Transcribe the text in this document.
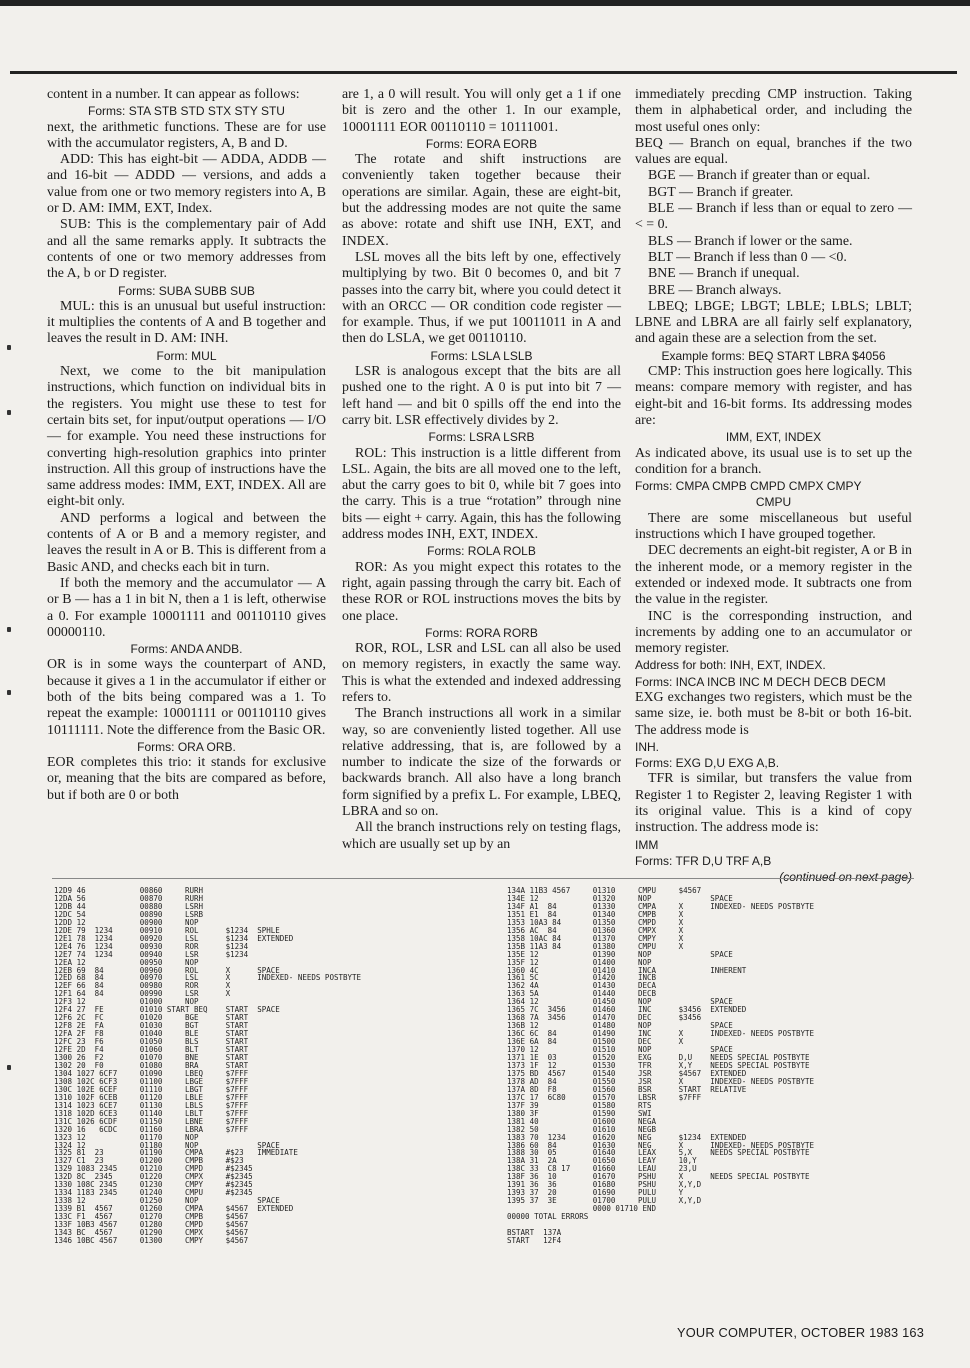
content in a number. It can appear as follows:

Forms: STA STB STD STX STY STU

next, the arithmetic functions. These are for use with the accumulator registers, A, B and D.

ADD: This has eight-bit — ADDA, ADDB — and 16-bit — ADDD — versions, and adds a value from one or two memory registers into A, B or D. AM: IMM, EXT, Index.

SUB: This is the complementary pair of Add and all the same remarks apply. It subtracts the contents of one or two memory addresses from the A, b or D register.

Forms: SUBA SUBB SUB

MUL: this is an unusual but useful instruction: it multiplies the contents of A and B together and leaves the result in D. AM: INH.

Form: MUL

Next, we come to the bit manipulation instructions, which function on individual bits in the registers. You might use these to test for certain bits set, for input/output operations — I/O — for example. You need these instructions for converting high-resolution graphics into printer instruction. All this group of instructions have the same address modes: IMM, EXT, INDEX. All are eight-bit only.

AND performs a logical and between the contents of A or B and a memory register, and leaves the result in A or B. This is different from a Basic AND, and checks each bit in turn.

If both the memory and the accumulator — A or B — has a 1 in bit N, then a 1 is left, otherwise a 0. For example 10001111 and 00110110 gives 00000110.

Forms: ANDA ANDB.

OR is in some ways the counterpart of AND, because it gives a 1 in the accumulator if either or both of the bits being compared was a 1. To repeat the example: 10001111 or 00110110 gives 10111111. Note the difference from the Basic OR.

Forms: ORA ORB.

EOR completes this trio: it stands for exclusive or, meaning that the bits are compared as before, but if both are 0 or both

are 1, a 0 will result. You will only get a 1 if one bit is zero and the other 1. In our example, 10001111 EOR 00110110 = 10111001.

Forms: EORA EORB

The rotate and shift instructions are conveniently taken together because their operations are similar. Again, these are eight-bit, but the addressing modes are not quite the same as above: rotate and shift use INH, EXT, and INDEX.

LSL moves all the bits left by one, effectively multiplying by two. Bit 0 becomes 0, and bit 7 passes into the carry bit, where you could detect it with an ORCC — OR condition code register — for example. Thus, if we put 10011011 in A and then do LSLA, we get 00110110.

Forms: LSLA LSLB

LSR is analogous except that the bits are all pushed one to the right. A 0 is put into bit 7 — left hand — and bit 0 spills off the end into the carry bit. LSR effectively divides by 2.

Forms: LSRA LSRB

ROL: This instruction is a little different from LSL. Again, the bits are all moved one to the left, abut the carry goes to bit 0, while bit 7 goes into the carry. This is a true “rotation” through nine bits — eight + carry. Again, this has the following address modes INH, EXT, INDEX.

Forms: ROLA ROLB

ROR: As you might expect this rotates to the right, again passing through the carry bit. Each of these ROR or ROL instructions moves the bits by one place.

Forms: RORA RORB

ROR, ROL, LSR and LSL can all also be used on memory registers, in exactly the same way. This is what the extended and indexed addressing refers to.

The Branch instructions all work in a similar way, so are conveniently listed together. All use relative addressing, that is, are followed by a number to indicate the size of the forwards or backwards branch. All also have a long branch form signified by a prefix L. For example, LBEQ, LBRA and so on.

All the branch instructions rely on testing flags, which are usually set up by an

immediately precding CMP instruction. Taking them in alphabetical order, and including the most useful ones only:

BEQ — Branch on equal, branches if the two values are equal.

BGE — Branch if greater than or equal.

BGT — Branch if greater.

BLE — Branch if less than or equal to zero — < = 0.

BLS — Branch if lower or the same.

BLT — Branch if less than 0 — <0.

BNE — Branch if unequal.

BRE — Branch always.

LBEQ; LBGE; LBGT; LBLE; LBLS; LBLT; LBNE and LBRA are all fairly self explanatory, and again these are a selection from the set.

Example forms: BEQ START LBRA $4056

CMP: This instruction goes here logically. This means: compare memory with register, and has eight-bit and 16-bit forms. Its addressing modes are:

IMM, EXT, INDEX

As indicated above, its usual use is to set up the condition for a branch.

Forms: CMPA CMPB CMPD CMPX CMPY

CMPU

There are some miscellaneous but useful instructions which I have grouped together.

DEC decrements an eight-bit register, A or B in the inherent mode, or a memory register in the extended or indexed mode. It subtracts one from the value in the register.

INC is the corresponding instruction, and increments by adding one to an accumulator or memory register.

Address for both: INH, EXT, INDEX.

Forms: INCA INCB INC M DECH DECB DECM

EXG exchanges two registers, which must be the same size, ie. both must be 8-bit or both 16-bit. The address mode is

INH.

Forms: EXG D,U EXG A,B.

TFR is similar, but transfers the value from Register 1 to Register 2, leaving Register 1 with its original value. This is a kind of copy instruction. The address mode is:

IMM

Forms: TFR D,U TRF A,B

(continued on next page)

12D9 46            00860     RURH
12DA 56            00870     RURH
12DB 44            00880     LSRH
12DC 54            00890     LSRB
12DD 12            00900     NOP
12DE 79  1234      00910     ROL      $1234  SPHLE
12E1 78  1234      00920     LSL      $1234  EXTENDED
12E4 76  1234      00930     ROR      $1234
12E7 74  1234      00940     LSR      $1234
12EA 12            00950     NOP
12EB 69  84        00960     ROL      X      SPACE
12ED 68  84        00970     LSL      X      INDEXED- NEEDS POSTBYTE
12EF 66  84        00980     ROR      X
12F1 64  84        00990     LSR      X
12F3 12            01000     NOP
12F4 27  FE        01010 START BEQ    START  SPACE
12F6 2C  FC        01020     BGE      START
12F8 2E  FA        01030     BGT      START
12FA 2F  F8        01040     BLE      START
12FC 23  F6        01050     BLS      START
12FE 2D  F4        01060     BLT      START
1300 26  F2        01070     BNE      START
1302 20  F0        01080     BRA      START
1304 1027 6CF7     01090     LBEQ     $7FFF
1308 102C 6CF3     01100     LBGE     $7FFF
130C 102E 6CEF     01110     LBGT     $7FFF
1310 102F 6CEB     01120     LBLE     $7FFF
1314 1023 6CE7     01130     LBLS     $7FFF
1318 102D 6CE3     01140     LBLT     $7FFF
131C 1026 6CDF     01150     LBNE     $7FFF
1320 16   6CDC     01160     LBRA     $7FFF
1323 12            01170     NOP
1324 12            01180     NOP             SPACE
1325 81  23        01190     CMPA     #$23   IMMEDIATE
1327 C1  23        01200     CMPB     #$23
1329 1083 2345     01210     CMPD     #$2345
132D 8C  2345      01220     CMPX     #$2345
1330 108C 2345     01230     CMPY     #$2345
1334 1183 2345     01240     CMPU     #$2345
1338 12            01250     NOP             SPACE
1339 B1  4567      01260     CMPA     $4567  EXTENDED
133C F1  4567      01270     CMPB     $4567
133F 10B3 4567     01280     CMPD     $4567
1343 BC  4567      01290     CMPX     $4567
1346 10BC 4567     01300     CMPY     $4567
134A 11B3 4567     01310     CMPU     $4567
134E 12            01320     NOP             SPACE
134F A1  84        01330     CMPA     X      INDEXED- NEEDS POSTBYTE
1351 E1  84        01340     CMPB     X
1353 10A3 84       01350     CMPD     X
1356 AC  84        01360     CMPX     X
1358 10AC 84       01370     CMPY     X
135B 11A3 84       01380     CMPU     X
135E 12            01390     NOP             SPACE
135F 12            01400     NOP
1360 4C            01410     INCA            INHERENT
1361 5C            01420     INCB
1362 4A            01430     DECA
1363 5A            01440     DECB
1364 12            01450     NOP             SPACE
1365 7C  3456      01460     INC      $3456  EXTENDED
1368 7A  3456      01470     DEC      $3456
136B 12            01480     NOP             SPACE
136C 6C  84        01490     INC      X      INDEXED- NEEDS POSTBYTE
136E 6A  84        01500     DEC      X
1370 12            01510     NOP             SPACE
1371 1E  03        01520     EXG      D,U    NEEDS SPECIAL POSTBYTE
1373 1F  12        01530     TFR      X,Y    NEEDS SPECIAL POSTBYTE
1375 BD  4567      01540     JSR      $4567  EXTENDED
1378 AD  84        01550     JSR      X      INDEXED- NEEDS POSTBYTE
137A 8D  F8        01560     BSR      START  RELATIVE
137C 17  6C80      01570     LBSR     $7FFF
137F 39            01580     RTS
1380 3F            01590     SWI
1381 40            01600     NEGA
1382 50            01610     NEGB
1383 70  1234      01620     NEG      $1234  EXTENDED
1386 60  84        01630     NEG      X      INDEXED- NEEDS POSTBYTE
1388 30  05        01640     LEAX     5,X    NEEDS SPECIAL POSTBYTE
138A 31  2A        01650     LEAY     10,Y
138C 33  C8 17     01660     LEAU     23,U
138F 36  10        01670     PSHU     X      NEEDS SPECIAL POSTBYTE
1391 36  36        01680     PSHU     X,Y,D
1393 37  20        01690     PULU     Y
1395 37  3E        01700     PULU     X,Y,D
0000 01710 END
00000 TOTAL ERRORS

BSTART  137A
START   12F4
YOUR COMPUTER, OCTOBER 1983 163
